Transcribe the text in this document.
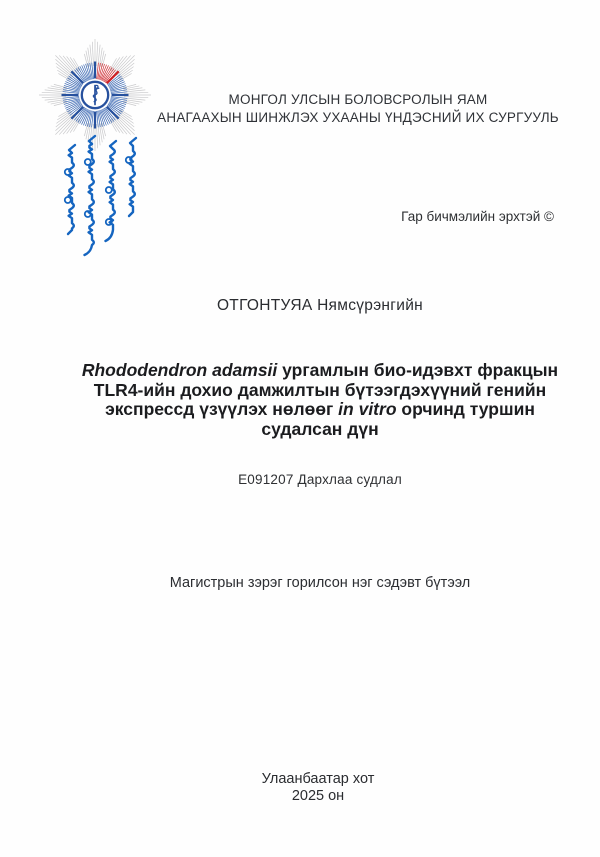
МОНГОЛ УЛСЫН БОЛОВСРОЛЫН ЯАМ
АНАГААХЫН ШИНЖЛЭХ УХААНЫ ҮНДЭСНИЙ ИХ СУРГУУЛЬ
Гар бичмэлийн эрхтэй ©
ОТГОНТУЯА Нямсүрэнгийн
Rhododendron adamsii ургамлын био-идэвхт фракцын
TLR4-ийн дохио дамжилтын бүтээгдэхүүний генийн
экспрессд үзүүлэх нөлөөг in vitro орчинд туршин
судалсан дүн
Е091207 Дархлаа судлал
Магистрын зэрэг горилсон нэг сэдэвт бүтээл
Улаанбаатар хот
2025 он
